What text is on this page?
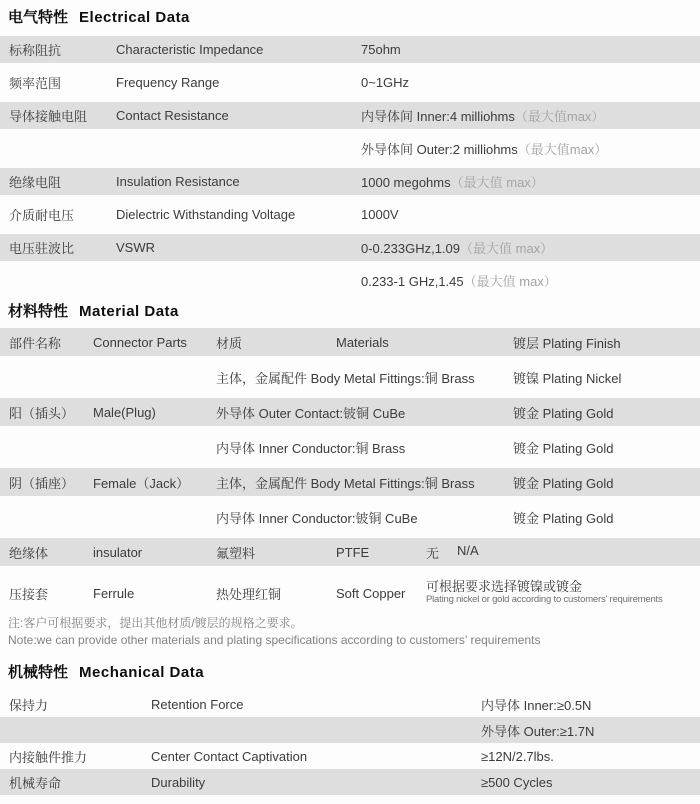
电气特性 Electrical Data
标称阻抗	Characteristic Impedance	75ohm
频率范围	Frequency Range	0~1GHz
导体接触电阻	Contact Resistance	内导体间 Inner:4 milliohms（最大值max）
外导体间 Outer:2 milliohms（最大值max）
绝缘电阻	Insulation Resistance	1000 megohms（最大值 max）
介质耐电压	Dielectric Withstanding Voltage	1000V
电压驻波比	VSWR	0-0.233GHz,1.09（最大值 max）
0.233-1 GHz,1.45（最大值 max）
材料特性 Material Data
部件名称	Connector Parts	材质	Materials	镀层 Plating Finish
主体，金属配件 Body Metal Fittings:铜 Brass	镀镍 Plating Nickel
阳（插头）	Male(Plug)	外导体 Outer Contact:铍铜 CuBe	镀金 Plating Gold
内导体 Inner Conductor:铜 Brass	镀金 Plating Gold
阴（插座）	Female（Jack）	主体，金属配件 Body Metal Fittings:铜 Brass	镀金 Plating Gold
内导体 Inner Conductor:铍铜 CuBe	镀金 Plating Gold
绝缘体	insulator	氟塑料	PTFE	无 N/A
压接套	Ferrule	热处理红铜	Soft Copper	可根据要求选择镀镍或镀金
Plating nickel or gold according to customers’ requirements
注:客户可根据要求，提出其他材质/镀层的规格之要求。
Note:we can provide other materials and plating specifications according to customers’ requirements
机械特性 Mechanical Data
保持力	Retention Force	内导体 Inner:≥0.5N
外导体 Outer:≥1.7N
内接触件推力	Center Contact Captivation	≥12N/2.7lbs.
机械寿命	Durability	≥500 Cycles
